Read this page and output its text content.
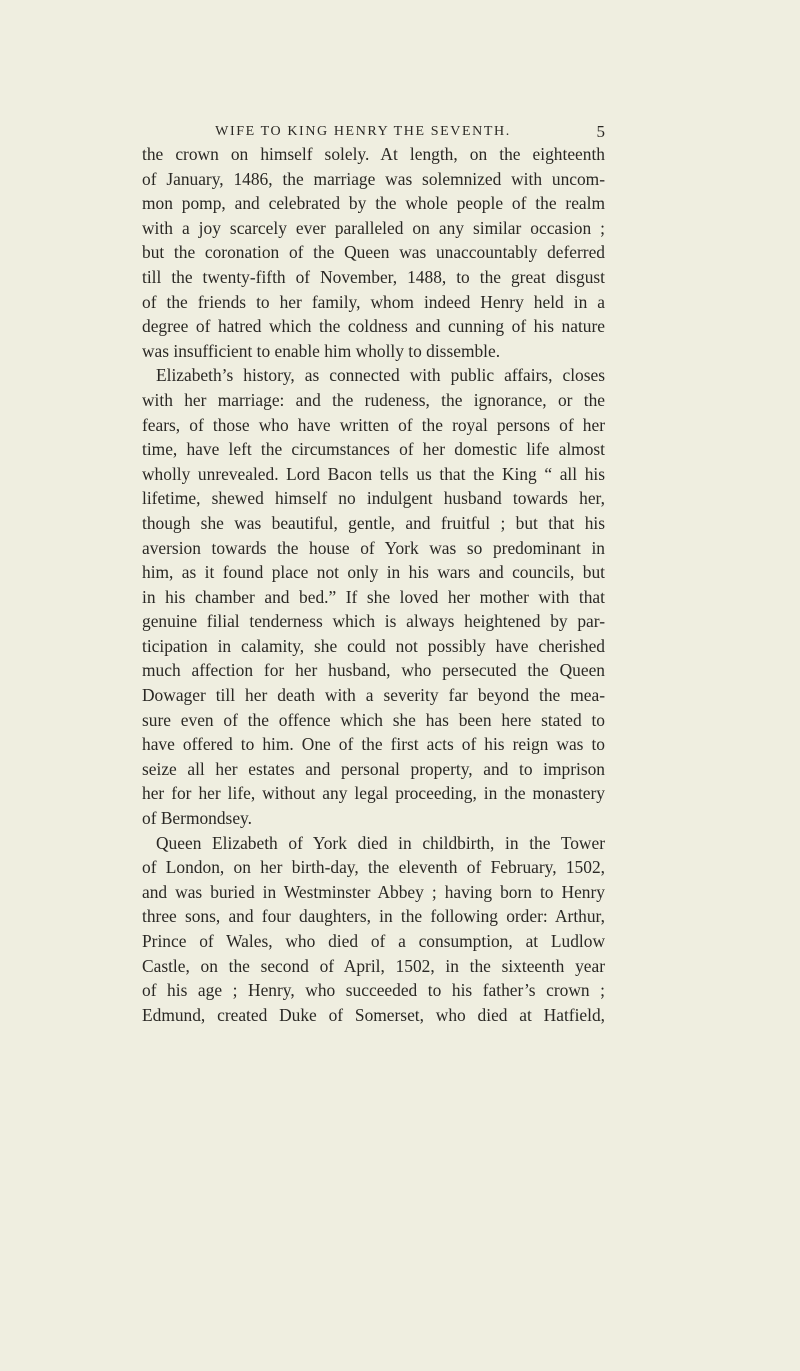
WIFE TO KING HENRY THE SEVENTH.	5
the crown on himself solely. At length, on the eighteenth
of January, 1486, the marriage was solemnized with uncom-
mon pomp, and celebrated by the whole people of the realm
with a joy scarcely ever paralleled on any similar occasion ;
but the coronation of the Queen was unaccountably deferred
till the twenty-fifth of November, 1488, to the great disgust
of the friends to her family, whom indeed Henry held in a
degree of hatred which the coldness and cunning of his nature
was insufficient to enable him wholly to dissemble.
Elizabeth’s history, as connected with public affairs, closes
with her marriage: and the rudeness, the ignorance, or the
fears, of those who have written of the royal persons of her
time, have left the circumstances of her domestic life almost
wholly unrevealed. Lord Bacon tells us that the King “ all his
lifetime, shewed himself no indulgent husband towards her,
though she was beautiful, gentle, and fruitful ; but that his
aversion towards the house of York was so predominant in
him, as it found place not only in his wars and councils, but
in his chamber and bed.” If she loved her mother with that
genuine filial tenderness which is always heightened by par-
ticipation in calamity, she could not possibly have cherished
much affection for her husband, who persecuted the Queen
Dowager till her death with a severity far beyond the mea-
sure even of the offence which she has been here stated to
have offered to him. One of the first acts of his reign was to
seize all her estates and personal property, and to imprison
her for her life, without any legal proceeding, in the monastery
of Bermondsey.
Queen Elizabeth of York died in childbirth, in the Tower
of London, on her birth-day, the eleventh of February, 1502,
and was buried in Westminster Abbey ; having born to Henry
three sons, and four daughters, in the following order: Arthur,
Prince of Wales, who died of a consumption, at Ludlow
Castle, on the second of April, 1502, in the sixteenth year
of his age ; Henry, who succeeded to his father’s crown ;
Edmund, created Duke of Somerset, who died at Hatfield,
